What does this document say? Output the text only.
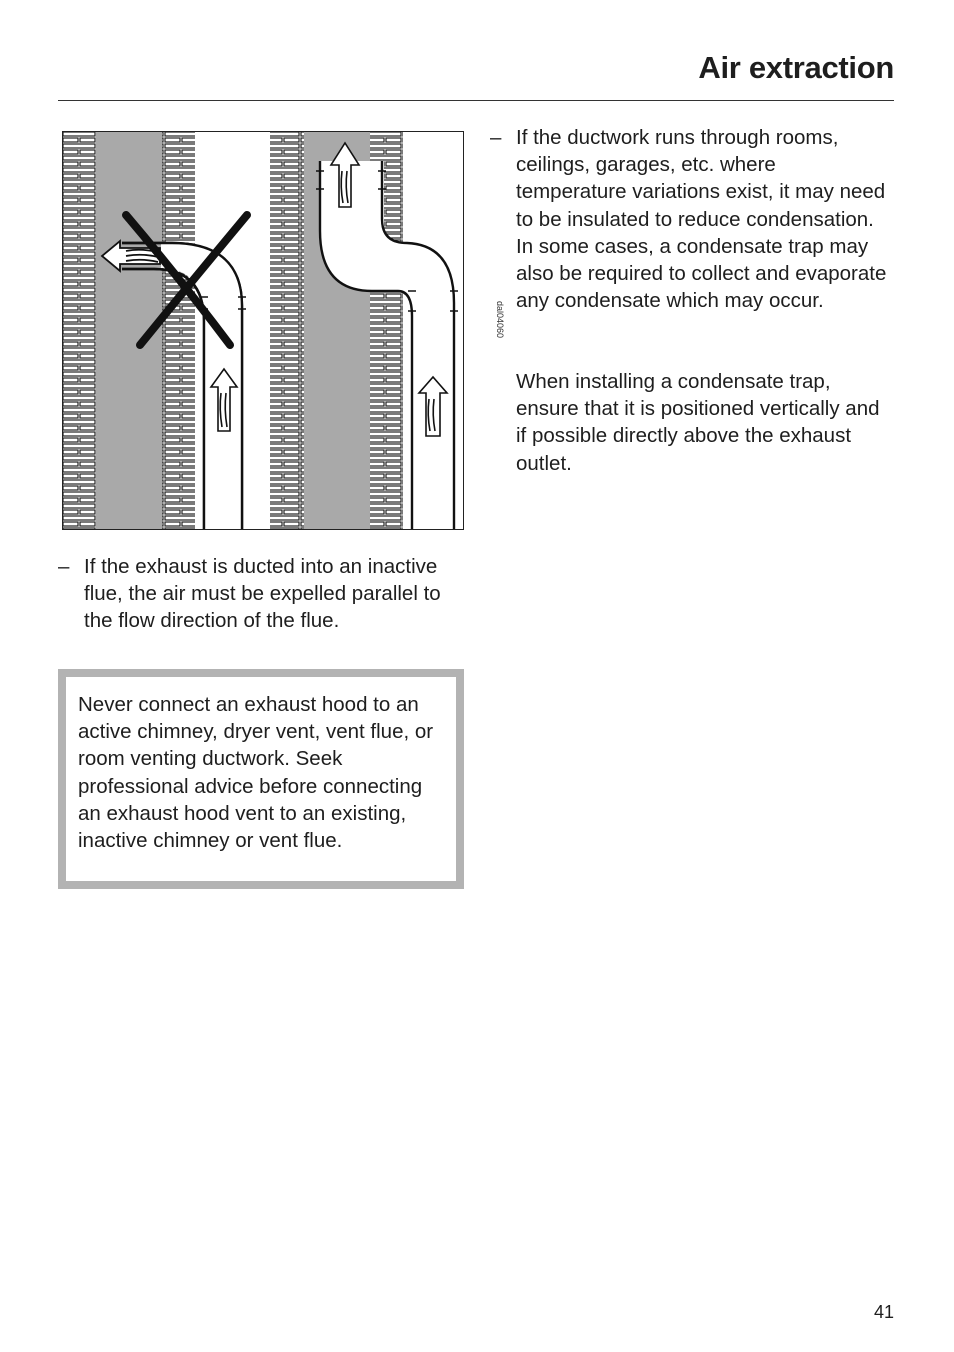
Air extraction
dal04060
– If the exhaust is ducted into an inactive flue, the air must be expelled parallel to the flow direction of the flue.

Never connect an exhaust hood to an active chimney, dryer vent, vent flue, or room venting ductwork. Seek professional advice before connecting an exhaust hood vent to an existing, inactive chimney or vent flue.

– If the ductwork runs through rooms, ceilings, garages, etc. where temperature variations exist, it may need to be insulated to reduce condensation. In some cases, a condensate trap may also be required to collect and evaporate any condensate which may occur.

When installing a condensate trap, ensure that it is positioned vertically and if possible directly above the exhaust outlet.

41
